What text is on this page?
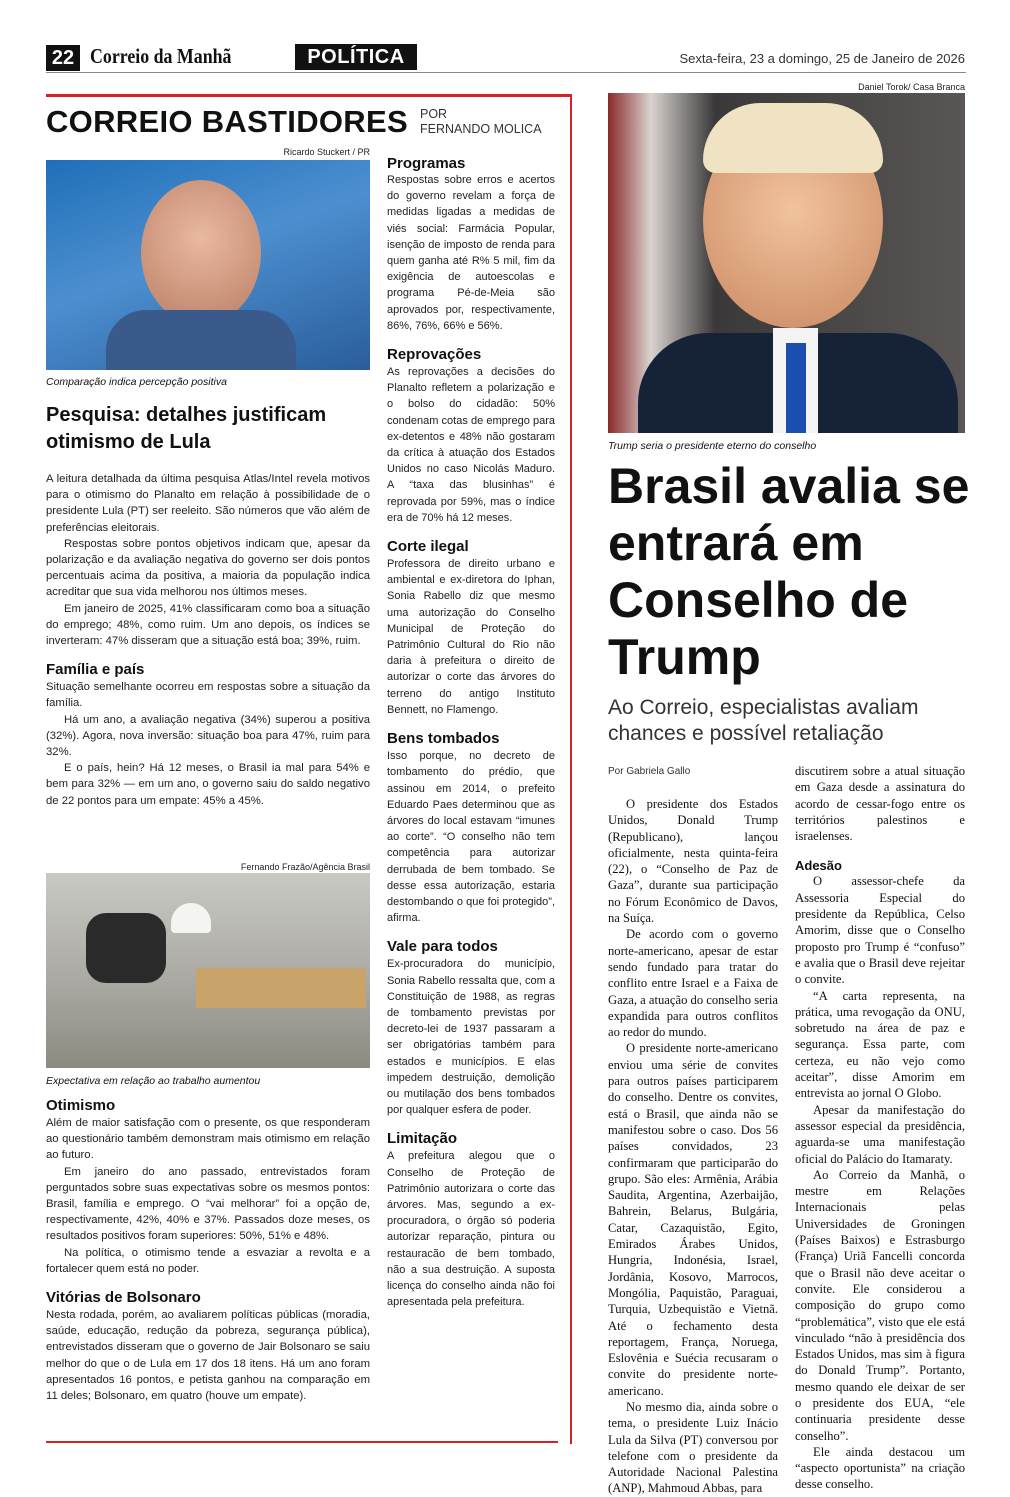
22 Correio da Manhã	POLÍTICA	Sexta-feira, 23 a domingo, 25 de Janeiro de 2026
CORREIO BASTIDORES POR
FERNANDO MOLICA
Ricardo Stuckert / PR
Comparação indica percepção positiva
Pesquisa: detalhes justificam otimismo de Lula

A leitura detalhada da última pesquisa Atlas/Intel revela motivos para o otimismo do Planalto em relação à possibilidade de o presidente Lula (PT) ser reeleito. São números que vão além de preferências eleitorais.

Respostas sobre pontos objetivos indicam que, apesar da polarização e da avaliação negativa do governo ser dois pontos percentuais acima da positiva, a maioria da população indica acreditar que sua vida melhorou nos últimos meses.

Em janeiro de 2025, 41% classificaram como boa a situação do emprego; 48%, como ruim. Um ano depois, os índices se inverteram: 47% disseram que a situação está boa; 39%, ruim.

Família e país

Situação semelhante ocorreu em respostas sobre a situação da família.

Há um ano, a avaliação negativa (34%) superou a positiva (32%). Agora, nova inversão: situação boa para 47%, ruim para 32%.

E o país, hein? Há 12 meses, o Brasil ia mal para 54% e bem para 32% — em um ano, o governo saiu do saldo negativo de 22 pontos para um empate: 45% a 45%.

Fernando Frazão/Agência Brasil
Expectativa em relação ao trabalho aumentou
Otimismo

Além de maior satisfação com o presente, os que responderam ao questionário também demonstram mais otimismo em relação ao futuro.

Em janeiro do ano passado, entrevistados foram perguntados sobre suas expectativas sobre os mesmos pontos: Brasil, família e emprego. O “vai melhorar” foi a opção de, respectivamente, 42%, 40% e 37%. Passados doze meses, os resultados positivos foram superiores: 50%, 51% e 48%.

Na política, o otimismo tende a esvaziar a revolta e a fortalecer quem está no poder.

Vitórias de Bolsonaro

Nesta rodada, porém, ao avaliarem políticas públicas (moradia, saúde, educação, redução da pobreza, segurança pública), entrevistados disseram que o governo de Jair Bolsonaro se saiu melhor do que o de Lula em 17 dos 18 itens. Há um ano foram apresentados 16 pontos, e petista ganhou na comparação em 11 deles; Bolsonaro, em quatro (houve um empate).

Programas

Respostas sobre erros e acertos do governo revelam a força de medidas ligadas a medidas de viés social: Farmácia Popular, isenção de imposto de renda para quem ganha até R% 5 mil, fim da exigência de autoescolas e programa Pé-de-Meia são aprovados por, respectivamente, 86%, 76%, 66% e 56%.

Reprovações

As reprovações a decisões do Planalto refletem a polarização e o bolso do cidadão: 50% condenam cotas de emprego para ex-detentos e 48% não gostaram da crítica à atuação dos Estados Unidos no caso Nicolás Maduro. A “taxa das blusinhas” é reprovada por 59%, mas o índice era de 70% há 12 meses.

Corte ilegal

Professora de direito urbano e ambiental e ex-diretora do Iphan, Sonia Rabello diz que mesmo uma autorização do Conselho Municipal de Proteção do Patrimônio Cultural do Rio não daria à prefeitura o direito de autorizar o corte das árvores do terreno do antigo Instituto Bennett, no Flamengo.

Bens tombados

Isso porque, no decreto de tombamento do prédio, que assinou em 2014, o prefeito Eduardo Paes determinou que as árvores do local estavam “imunes ao corte”. “O conselho não tem competência para autorizar derrubada de bem tombado. Se desse essa autorização, estaria destombando o que foi protegido”, afirma.

Vale para todos

Ex-procuradora do município, Sonia Rabello ressalta que, com a Constituição de 1988, as regras de tombamento previstas por decreto-lei de 1937 passaram a ser obrigatórias também para estados e municípios. E elas impedem destruição, demolição ou mutilação dos bens tombados por qualquer esfera de poder.

Limitação

A prefeitura alegou que o Conselho de Proteção de Patrimônio autorizara o corte das árvores. Mas, segundo a ex-procuradora, o órgão só poderia autorizar reparação, pintura ou restauracão de bem tombado, não a sua destruição. A suposta licença do conselho ainda não foi apresentada pela prefeitura.

Daniel Torok/ Casa Branca
Trump seria o presidente eterno do conselho
Brasil avalia se entrará em Conselho de Trump
Ao Correio, especialistas avaliam chances e possível retaliação
Por Gabriela Gallo

O presidente dos Estados Unidos, Donald Trump (Republicano), lançou oficialmente, nesta quinta-feira (22), o “Conselho de Paz de Gaza”, durante sua participação no Fórum Econômico de Davos, na Suíça.

De acordo com o governo norte-americano, apesar de estar sendo fundado para tratar do conflito entre Israel e a Faixa de Gaza, a atuação do conselho seria expandida para outros conflitos ao redor do mundo.

O presidente norte-americano enviou uma série de convites para outros países participarem do conselho. Dentre os convites, está o Brasil, que ainda não se manifestou sobre o caso. Dos 56 países convidados, 23 confirmaram que participarão do grupo. São eles: Armênia, Arábia Saudita, Argentina, Azerbaijão, Bahrein, Belarus, Bulgária, Catar, Cazaquistão, Egito, Emirados Árabes Unidos, Hungria, Indonésia, Israel, Jordânia, Kosovo, Marrocos, Mongólia, Paquistão, Paraguai, Turquia, Uzbequistão e Vietnã. Até o fechamento desta reportagem, França, Noruega, Eslovênia e Suécia recusaram o convite do presidente norte-americano.

No mesmo dia, ainda sobre o tema, o presidente Luiz Inácio Lula da Silva (PT) conversou por telefone com o presidente da Autoridade Nacional Palestina (ANP), Mahmoud Abbas, para

discutirem sobre a atual situação em Gaza desde a assinatura do acordo de cessar-fogo entre os territórios palestinos e israelenses.

Adesão

O assessor-chefe da Assessoria Especial do presidente da República, Celso Amorim, disse que o Conselho proposto pro Trump é “confuso” e avalia que o Brasil deve rejeitar o convite.

“A carta representa, na prática, uma revogação da ONU, sobretudo na área de paz e segurança. Essa parte, com certeza, eu não vejo como aceitar”, disse Amorim em entrevista ao jornal O Globo.

Apesar da manifestação do assessor especial da presidência, aguarda-se uma manifestação oficial do Palácio do Itamaraty.

Ao Correio da Manhã, o mestre em Relações Internacionais pelas Universidades de Groningen (Países Baixos) e Estrasburgo (França) Uriã Fancelli concorda que o Brasil não deve aceitar o convite. Ele considerou a composição do grupo como “problemática”, visto que ele está vinculado “não à presidência dos Estados Unidos, mas sim à figura do Donald Trump”. Portanto, mesmo quando ele deixar de ser o presidente dos EUA, “ele continuaria presidente desse conselho”.

Ele ainda destacou um “aspecto oportunista” na criação desse conselho.
